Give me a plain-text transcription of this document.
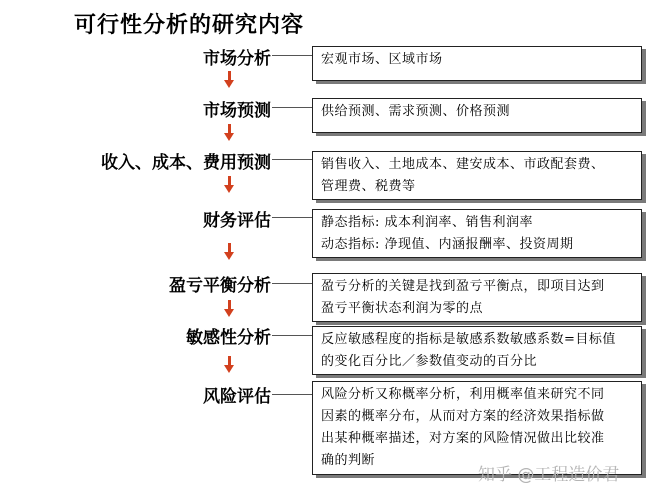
可行性分析的研究内容
市场分析	宏观市场、区域市场
市场预测	供给预测、需求预测、价格预测
收入、成本、费用预测	销售收入、土地成本、建安成本、市政配套费、
管理费、税费等
财务评估	静态指标: 成本利润率、销售利润率
动态指标: 净现值、内涵报酬率、投资周期
盈亏平衡分析	盈亏分析的关键是找到盈亏平衡点，即项目达到
盈亏平衡状态利润为零的点
敏感性分析	反应敏感程度的指标是敏感系数敏感系数=目标值
的变化百分比／参数值变动的百分比
风险评估	风险分析又称概率分析，利用概率值来研究不同
因素的概率分布，从而对方案的经济效果指标做
出某种概率描述，对方案的风险情况做出比较准
确的判断
知乎 @工程造价君
